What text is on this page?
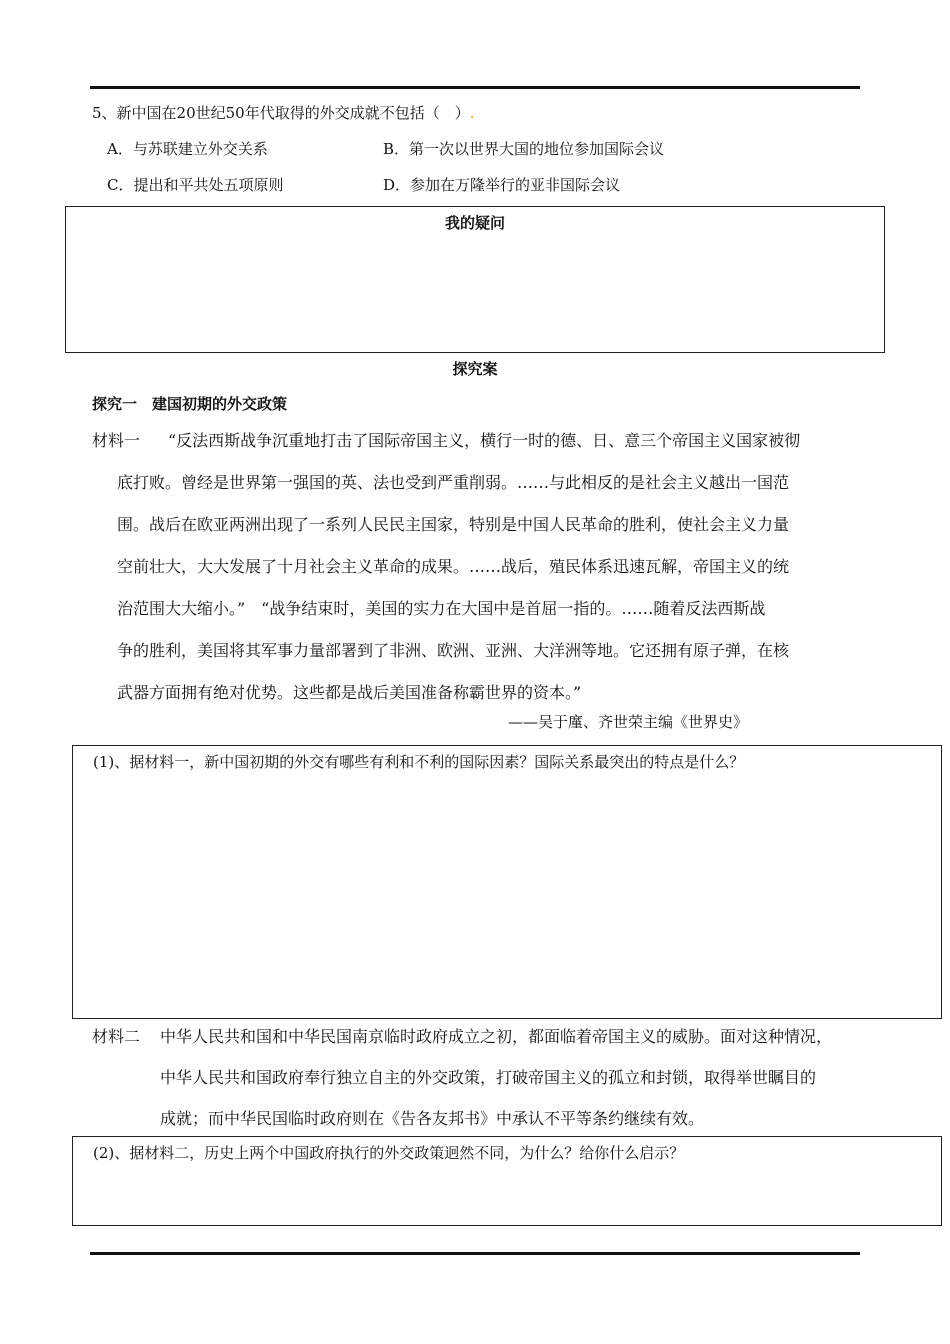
5、新中国在20世纪50年代取得的外交成就不包括（　）.
A．与苏联建立外交关系	B．第一次以世界大国的地位参加国际会议
C．提出和平共处五项原则	D．参加在万隆举行的亚非国际会议
我的疑问
探究案
探究一　建国初期的外交政策
材料一 “反法西斯战争沉重地打击了国际帝国主义，横行一时的德、日、意三个帝国主义国家被彻
底打败。曾经是世界第一强国的英、法也受到严重削弱。……与此相反的是社会主义越出一国范
围。战后在欧亚两洲出现了一系列人民民主国家，特别是中国人民革命的胜利，使社会主义力量
空前壮大，大大发展了十月社会主义革命的成果。……战后，殖民体系迅速瓦解，帝国主义的统
治范围大大缩小。”　“战争结束时，美国的实力在大国中是首屈一指的。……随着反法西斯战
争的胜利，美国将其军事力量部署到了非洲、欧洲、亚洲、大洋洲等地。它还拥有原子弹，在核
武器方面拥有绝对优势。这些都是战后美国准备称霸世界的资本。”
——吴于廑、齐世荣主编《世界史》
(1)、据材料一，新中国初期的外交有哪些有利和不利的国际因素？国际关系最突出的特点是什么？
材料二 中华人民共和国和中华民国南京临时政府成立之初，都面临着帝国主义的威胁。面对这种情况，
中华人民共和国政府奉行独立自主的外交政策，打破帝国主义的孤立和封锁，取得举世瞩目的
成就；而中华民国临时政府则在《告各友邦书》中承认不平等条约继续有效。
(2)、据材料二，历史上两个中国政府执行的外交政策迥然不同，为什么？给你什么启示？
